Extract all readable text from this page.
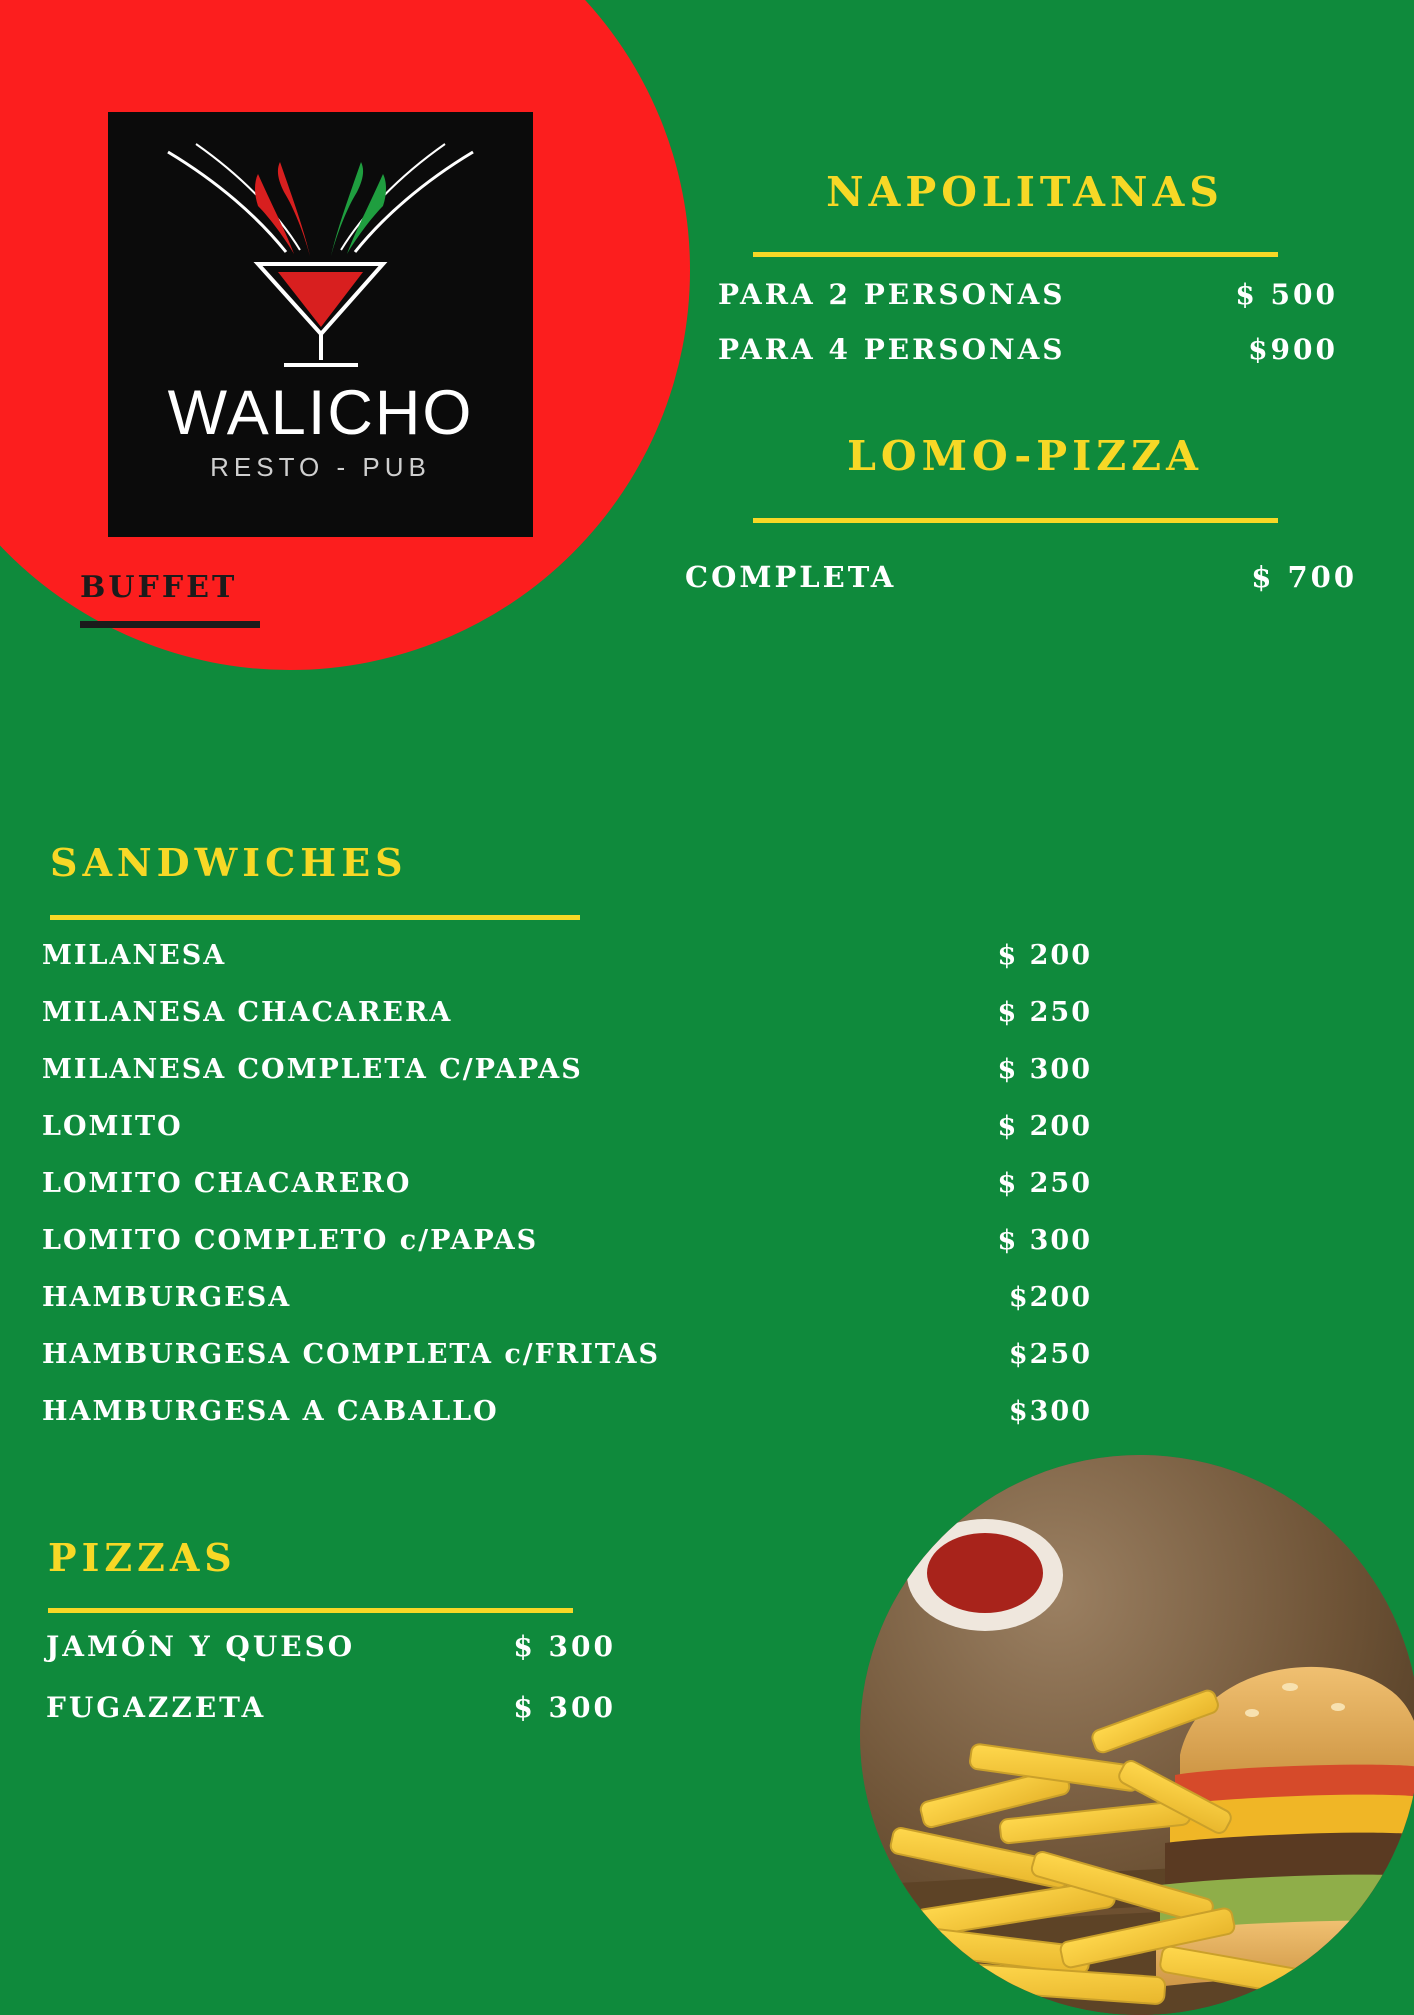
WALICHO
RESTO - PUB
BUFFET
NAPOLITANAS
PARA 2 PERSONAS	$ 500
PARA 4 PERSONAS	$900
LOMO-PIZZA
COMPLETA	$ 700
SANDWICHES
MILANESA	$ 200
MILANESA CHACARERA	$ 250
MILANESA COMPLETA C/PAPAS	$ 300
LOMITO	$ 200
LOMITO CHACARERO	$ 250
LOMITO COMPLETO c/PAPAS	$ 300
HAMBURGESA	$200
HAMBURGESA COMPLETA c/FRITAS	$250
HAMBURGESA A CABALLO	$300
PIZZAS
JAMÓN Y QUESO	$ 300
FUGAZZETA	$ 300
